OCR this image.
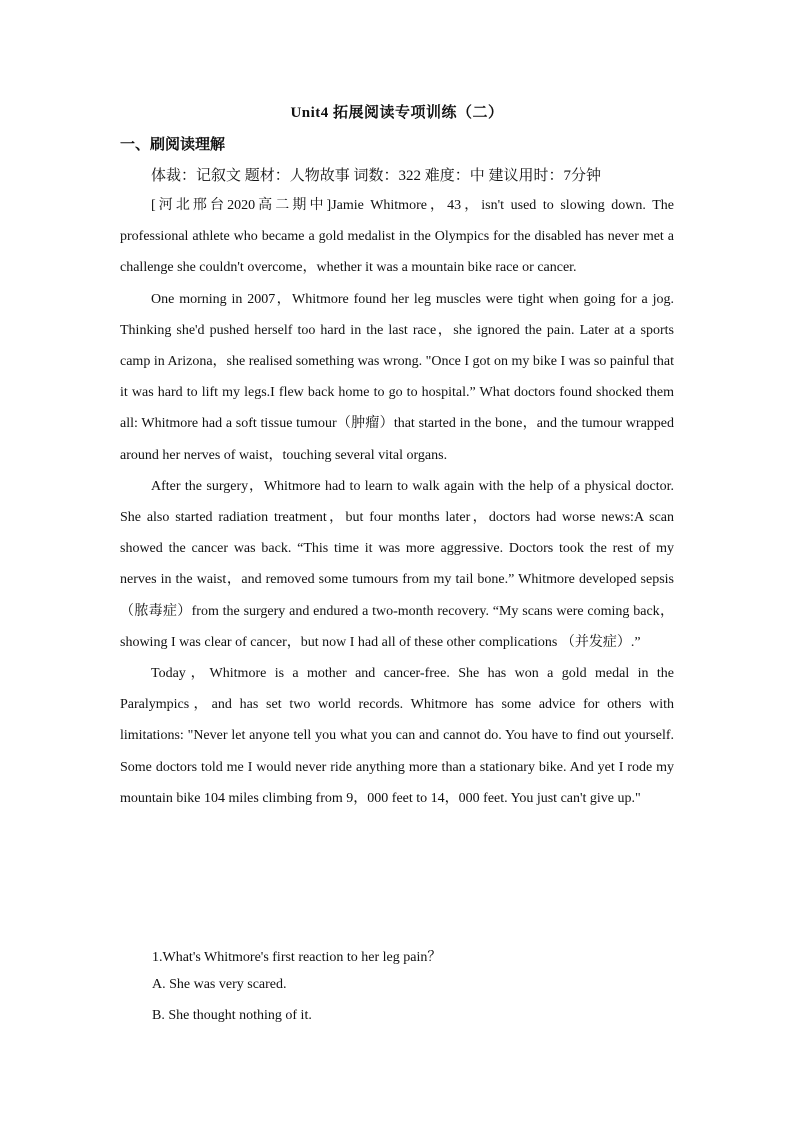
Unit4 拓展阅读专项训练（二）
一、刷阅读理解
体裁：记叙文 题材：人物故事 词数：322 难度：中 建议用时：7分钟

[河北邢台2020高二期中]Jamie Whitmore，43，isn't used to slowing down. The professional athlete who became a gold medalist in the Olympics for the disabled has never met a challenge she couldn't overcome，whether it was a mountain bike race or cancer.

One morning in 2007，Whitmore found her leg muscles were tight when going for a jog. Thinking she'd pushed herself too hard in the last race，she ignored the pain. Later at a sports camp in Arizona，she realised something was wrong. "Once I got on my bike I was so painful that it was hard to lift my legs.I flew back home to go to hospital.” What doctors found shocked them all: Whitmore had a soft tissue tumour（肿瘤）that started in the bone，and the tumour wrapped around her nerves of waist，touching several vital organs.

After the surgery，Whitmore had to learn to walk again with the help of a physical doctor. She also started radiation treatment，but four months later，doctors had worse news:A scan showed the cancer was back. “This time it was more aggressive. Doctors took the rest of my nerves in the waist，and removed some tumours from my tail bone.” Whitmore developed sepsis（脓毒症）from the surgery and endured a two-month recovery. “My scans were coming back，showing I was clear of cancer，but now I had all of these other complications （并发症）.”

Today，Whitmore is a mother and cancer-free. She has won a gold medal in the Paralympics，and has set two world records. Whitmore has some advice for others with limitations: "Never let anyone tell you what you can and cannot do. You have to find out yourself. Some doctors told me I would never ride anything more than a stationary bike. And yet I rode my mountain bike 104 miles climbing from 9，000 feet to 14，000 feet. You just can't give up."

1.What's Whitmore's first reaction to her leg pain？
A. She was very scared.
B. She thought nothing of it.
